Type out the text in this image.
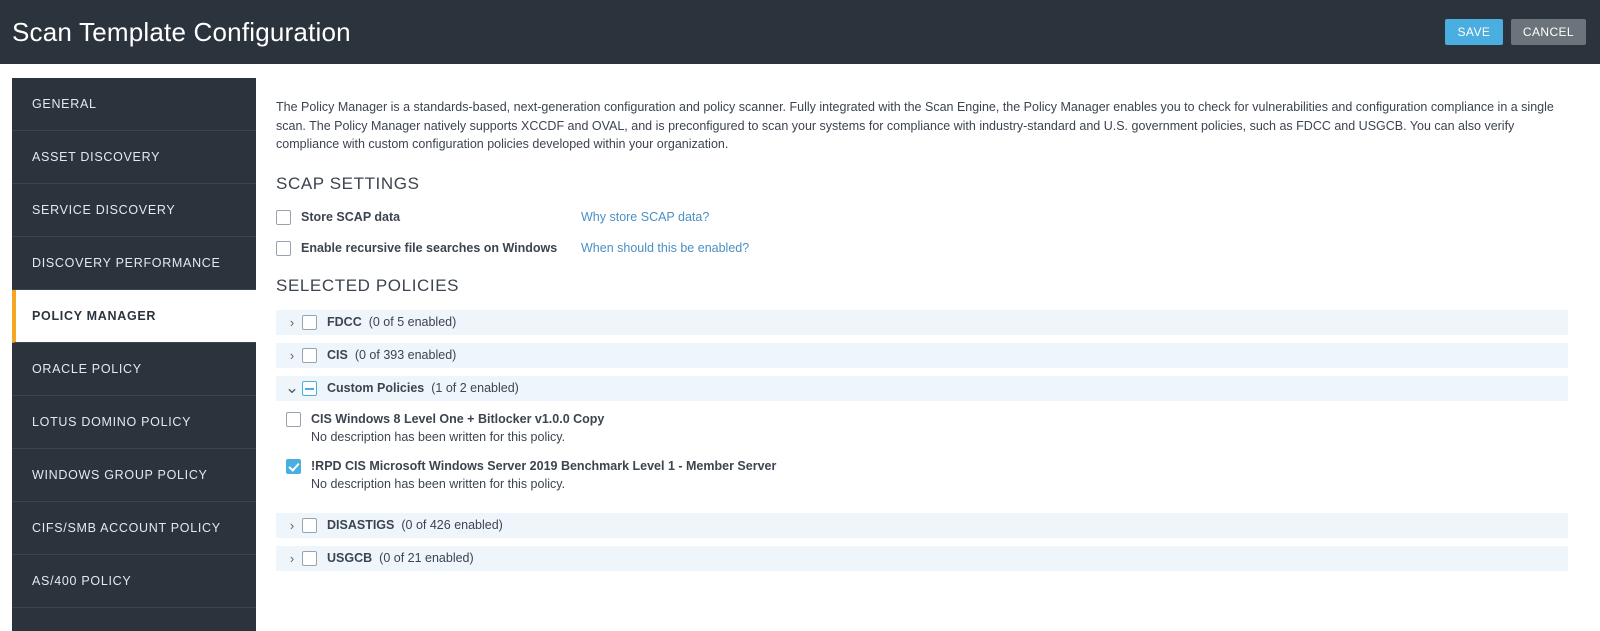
Scan Template Configuration	SAVE	CANCEL
GENERAL
ASSET DISCOVERY
SERVICE DISCOVERY
DISCOVERY PERFORMANCE
POLICY MANAGER
ORACLE POLICY
LOTUS DOMINO POLICY
WINDOWS GROUP POLICY
CIFS/SMB ACCOUNT POLICY
AS/400 POLICY
The Policy Manager is a standards-based, next-generation configuration and policy scanner. Fully integrated with the Scan Engine, the Policy Manager enables you to check for vulnerabilities and configuration compliance in a single scan. The Policy Manager natively supports XCCDF and OVAL, and is preconfigured to scan your systems for compliance with industry-standard and U.S. government policies, such as FDCC and USGCB. You can also verify compliance with custom configuration policies developed within your organization.
SCAP SETTINGS
Store SCAP data	Why store SCAP data?
Enable recursive file searches on Windows	When should this be enabled?
SELECTED POLICIES
›	FDCC (0 of 5 enabled)
›	CIS (0 of 393 enabled)
⌄ Custom Policies (1 of 2 enabled)
CIS Windows 8 Level One + Bitlocker v1.0.0 Copy
No description has been written for this policy.
!RPD CIS Microsoft Windows Server 2019 Benchmark Level 1 - Member Server
No description has been written for this policy.
›	DISASTIGS (0 of 426 enabled)
›	USGCB (0 of 21 enabled)
